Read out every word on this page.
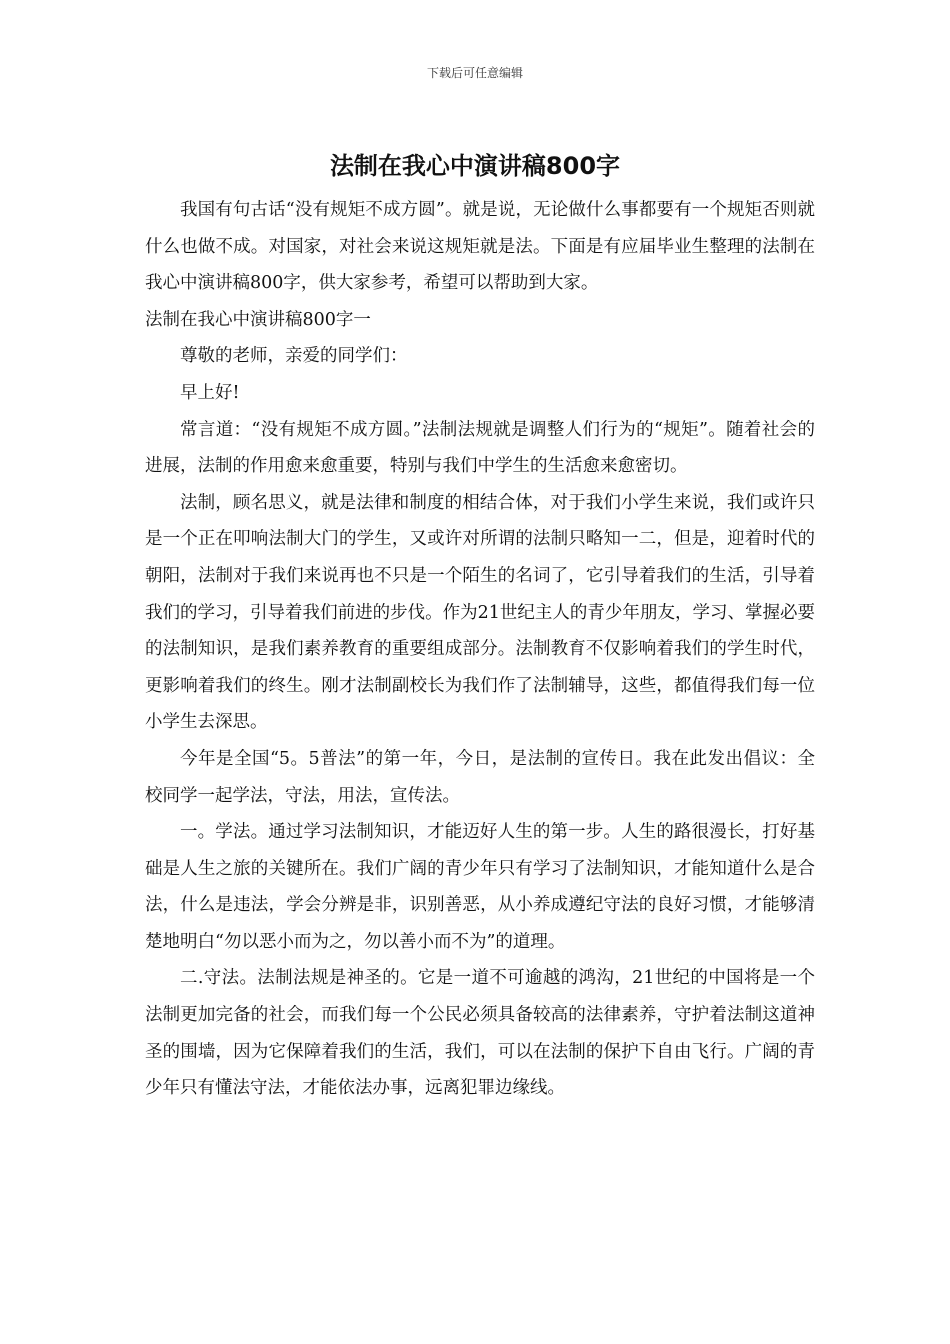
下载后可任意编辑
法制在我心中演讲稿800字

我国有句古话“没有规矩不成方圆”。就是说，无论做什么事都要有一个规矩否则就什么也做不成。对国家，对社会来说这规矩就是法。下面是有应届毕业生整理的法制在我心中演讲稿800字，供大家参考，希望可以帮助到大家。

法制在我心中演讲稿800字一

尊敬的老师，亲爱的同学们：

早上好!

常言道：“没有规矩不成方圆。”法制法规就是调整人们行为的“规矩”。随着社会的进展，法制的作用愈来愈重要，特别与我们中学生的生活愈来愈密切。

法制，顾名思义，就是法律和制度的相结合体，对于我们小学生来说，我们或许只是一个正在叩响法制大门的学生，又或许对所谓的法制只略知一二，但是，迎着时代的朝阳，法制对于我们来说再也不只是一个陌生的名词了，它引导着我们的生活，引导着我们的学习，引导着我们前进的步伐。作为21世纪主人的青少年朋友，学习、掌握必要的法制知识，是我们素养教育的重要组成部分。法制教育不仅影响着我们的学生时代，更影响着我们的终生。刚才法制副校长为我们作了法制辅导，这些，都值得我们每一位小学生去深思。

今年是全国“5。5普法”的第一年，今日，是法制的宣传日。我在此发出倡议：全校同学一起学法，守法，用法，宣传法。

一。学法。通过学习法制知识，才能迈好人生的第一步。人生的路很漫长，打好基础是人生之旅的关键所在。我们广阔的青少年只有学习了法制知识，才能知道什么是合法，什么是违法，学会分辨是非，识别善恶，从小养成遵纪守法的良好习惯，才能够清楚地明白“勿以恶小而为之，勿以善小而不为”的道理。

二.守法。法制法规是神圣的。它是一道不可逾越的鸿沟，21世纪的中国将是一个法制更加完备的社会，而我们每一个公民必须具备较高的法律素养，守护着法制这道神圣的围墙，因为它保障着我们的生活，我们，可以在法制的保护下自由飞行。广阔的青少年只有懂法守法，才能依法办事，远离犯罪边缘线。
